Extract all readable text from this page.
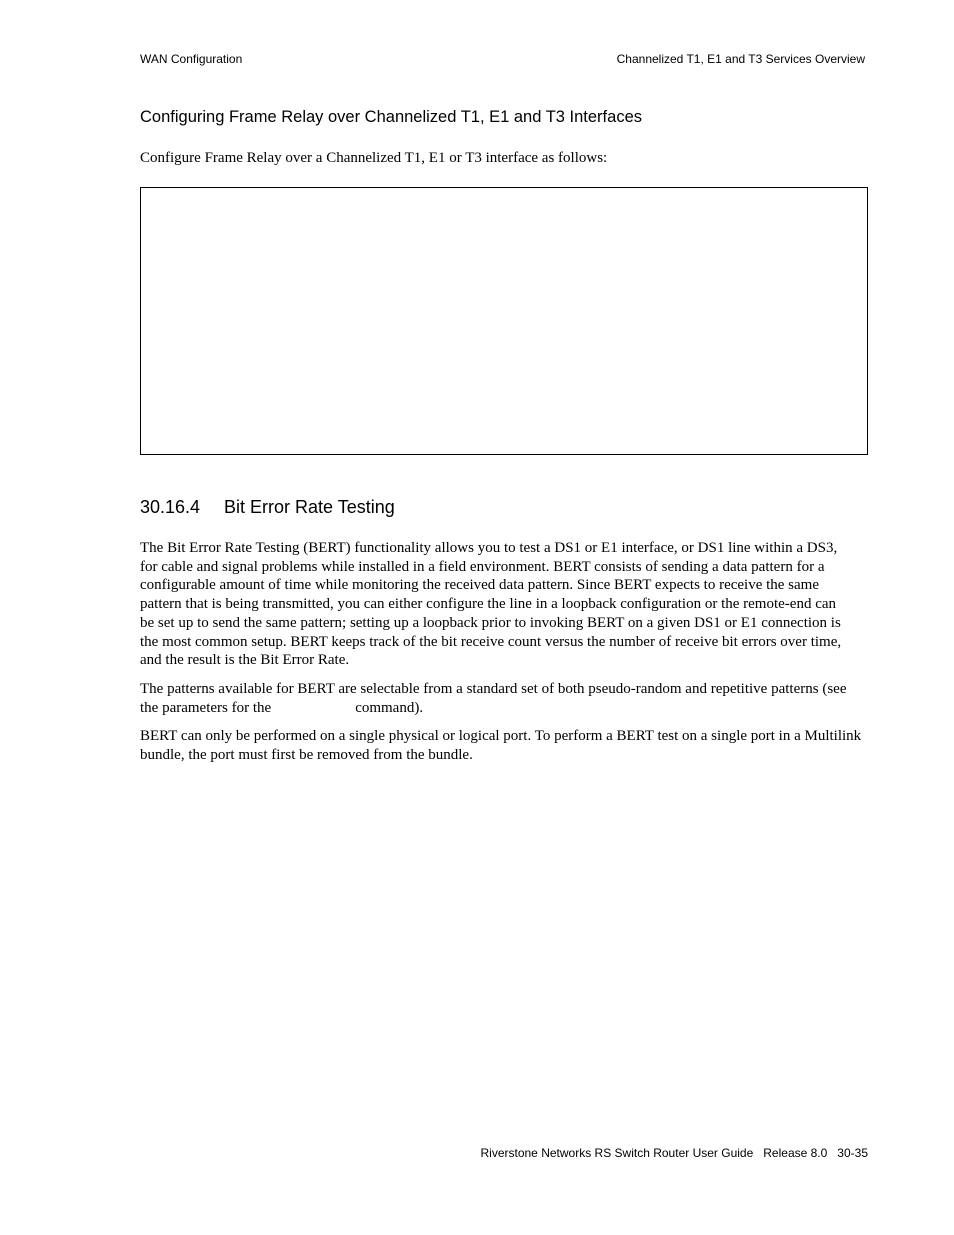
WAN Configuration	Channelized T1, E1 and T3 Services Overview
Configuring Frame Relay over Channelized T1, E1 and T3 Interfaces

Configure Frame Relay over a Channelized T1, E1 or T3 interface as follows:

30.16.4 Bit Error Rate Testing

The Bit Error Rate Testing (BERT) functionality allows you to test a DS1 or E1 interface, or DS1 line within a DS3,
for cable and signal problems while installed in a field environment. BERT consists of sending a data pattern for a
configurable amount of time while monitoring the received data pattern. Since BERT expects to receive the same
pattern that is being transmitted, you can either configure the line in a loopback configuration or the remote-end can
be set up to send the same pattern; setting up a loopback prior to invoking BERT on a given DS1 or E1 connection is
the most common setup. BERT keeps track of the bit receive count versus the number of receive bit errors over time,
and the result is the Bit Error Rate.

The patterns available for BERT are selectable from a standard set of both pseudo-random and repetitive patterns (see
the parameters for the	command).

BERT can only be performed on a single physical or logical port. To perform a BERT test on a single port in a Multilink
bundle, the port must first be removed from the bundle.

Riverstone Networks RS Switch Router User Guide   Release 8.0   30-35
